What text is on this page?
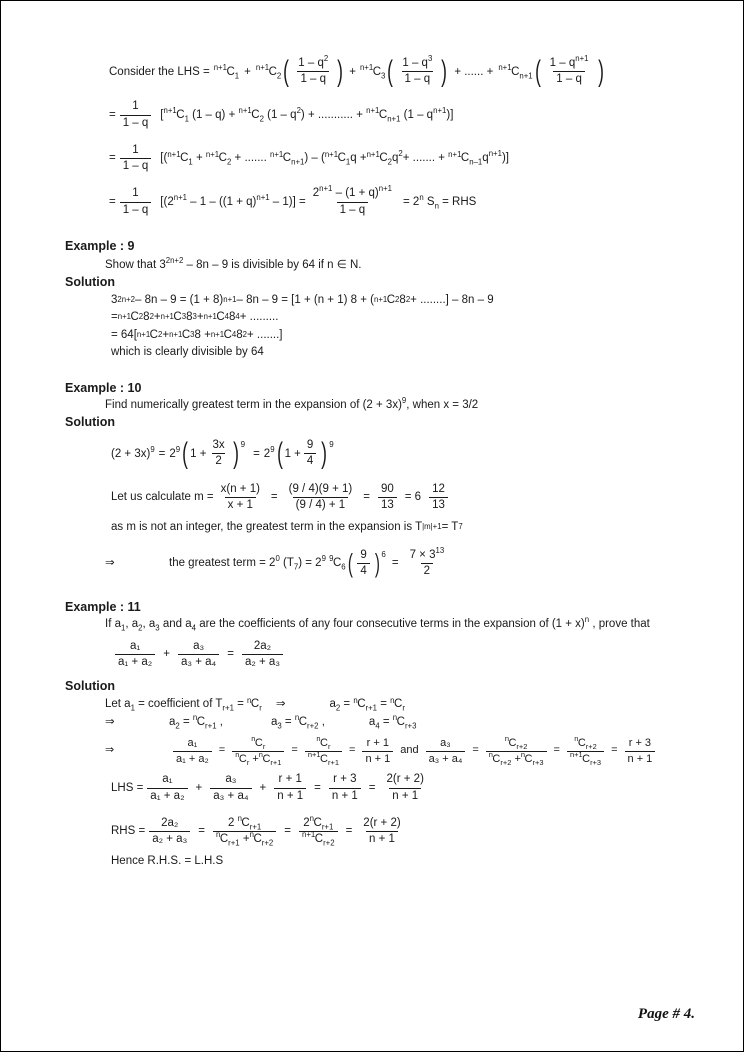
Consider the LHS = $^{n+1}C_1 + ^{n+1}C_2$ ( $\frac{1 - q^2}{1 - q}$ ) + $^{n+1}C_3$ ( $\frac{1 - q^3}{1 - q}$ ) + ...... + $^{n+1}C_{n+1}$ ( $\frac{1 - q^{n+1}}{1 - q}$ )
= $\frac{1}{1 - q}$ [ $^{n+1}C_1$
(1 – q) +
$^{n+1}C_2$
$(1 - q^2)$ + ........... +
$^{n+1}C_{n+1}$
$(1 - q^{n+1})$]
= $\frac{1}{1 - q}$ [( $^{n+1}C_1$
+
$^{n+1}C_2$
+ .......
$^{n+1}C_{n+1}$ ) – ( $^{n+1}C_1$ $q + ^{n+1}C_2$ $q^2+$ ....... +
$^{n+1}C_{n-1}$ $q^{n+1}$)]
= $\frac{1}{1 - q} [(2^{n+1} - 1 - ((1 + q)^{n+1} - 1)] = \frac{2^{n+1} - (1 + q)^{n+1}}{1 - q} = 2^n$ $S_n$ = RHS
Example : 9
Show that $3^{2n+2} - 8n - 9$ is divisible by 64 if n ∈ N.
Solution
3 2n+2 – 8n – 9 = (1 + 8) n+1 – 8n – 9 = [1 + (n + 1) 8 + ( n+1 C 2 8 2 + ........] – 8n – 9
= n+1 C 2 8 2 + n+1 C 3 8 3 + n+1 C 4 8 4 + .........
= 64[ n+1 C 2 + n+1 C 3 8 + n+1 C 4 8 2 + .......]
which is clearly divisible by 64
Example : 10
Find numerically greatest term in the expansion of $(2 + 3x)^9$, when x = 3/2
Solution
$(2 + 3x)^9 = 2^9$ ( $1 + \frac{3x}{2}$ ) 9
= $2^9$ ( $1 + \frac{9}{4}$ ) 9
Let us calculate $m = \frac{x(n + 1)}{x + 1} = \frac{(9 / 4)(9 + 1)}{(9 / 4) + 1} = \frac{90}{13} = 6 \frac{12}{13}$
as m is not an integer, the greatest term in the expansion is T |m|+1 = T 7
⇒	the greatest term = $2^0$ $(T_7) = 2^9$
$^9C_6$ ( $\frac{9}{4}$ ) 6
= $\frac{7 \times 3^{13}}{2}$
Example : 11
If $a_1$, $a_2$, $a_3$ and $a_4$ are the coefficients of any four consecutive terms in the expansion of $(1 + x)^n$ , prove that
$\frac{\text{a₁}}{\text{a₁ + a₂}} + \frac{\text{a₃}}{\text{a₃ + a₄}} = \frac{\text{2a₂}}{\text{a₂ + a₃}}$
Solution
Let $a_1$ = coefficient of $T_{r+1} = ^nC_r$ ⇒	$a_2 = ^nC_{r+1} = ^nC_r$
⇒	$a_2 = ^nC_{r+1}$ ,	$a_3 = ^nC_{r+2}$ ,	$a_4 = ^nC_{r+3}$
⇒	$\frac{\text{a₁}}{\text{a₁ + a₂}} = \frac{^nC_r}{^nC_r +^nC_{r+1}} = \frac{^nC_r}{^{n+1}C_{r+1}} = \frac{r + 1}{n + 1}$ and $\frac{\text{a₃}}{\text{a₃ + a₄}} = \frac{^nC_{r+2}}{^nC_{r+2} +^nC_{r+3}} = \frac{^nC_{r+2}}{^{n+1}C_{r+3}} = \frac{r + 3}{n + 1}$
LHS = $\frac{\text{a₁}}{\text{a₁ + a₂}} + \frac{\text{a₃}}{\text{a₃ + a₄}} + \frac{r + 1}{n + 1} = \frac{r + 3}{n + 1} = \frac{2(r + 2)}{n + 1}$
RHS = $\frac{\text{2a₂}}{\text{a₂ + a₃}} = \frac{2 ^nC_{r+1}}{^nC_{r+1} +^nC_{r+2}} = \frac{2^nC_{r+1}}{^{n+1}C_{r+2}} = \frac{2(r + 2)}{n + 1}$
Hence R.H.S. = L.H.S
Page # 4.
